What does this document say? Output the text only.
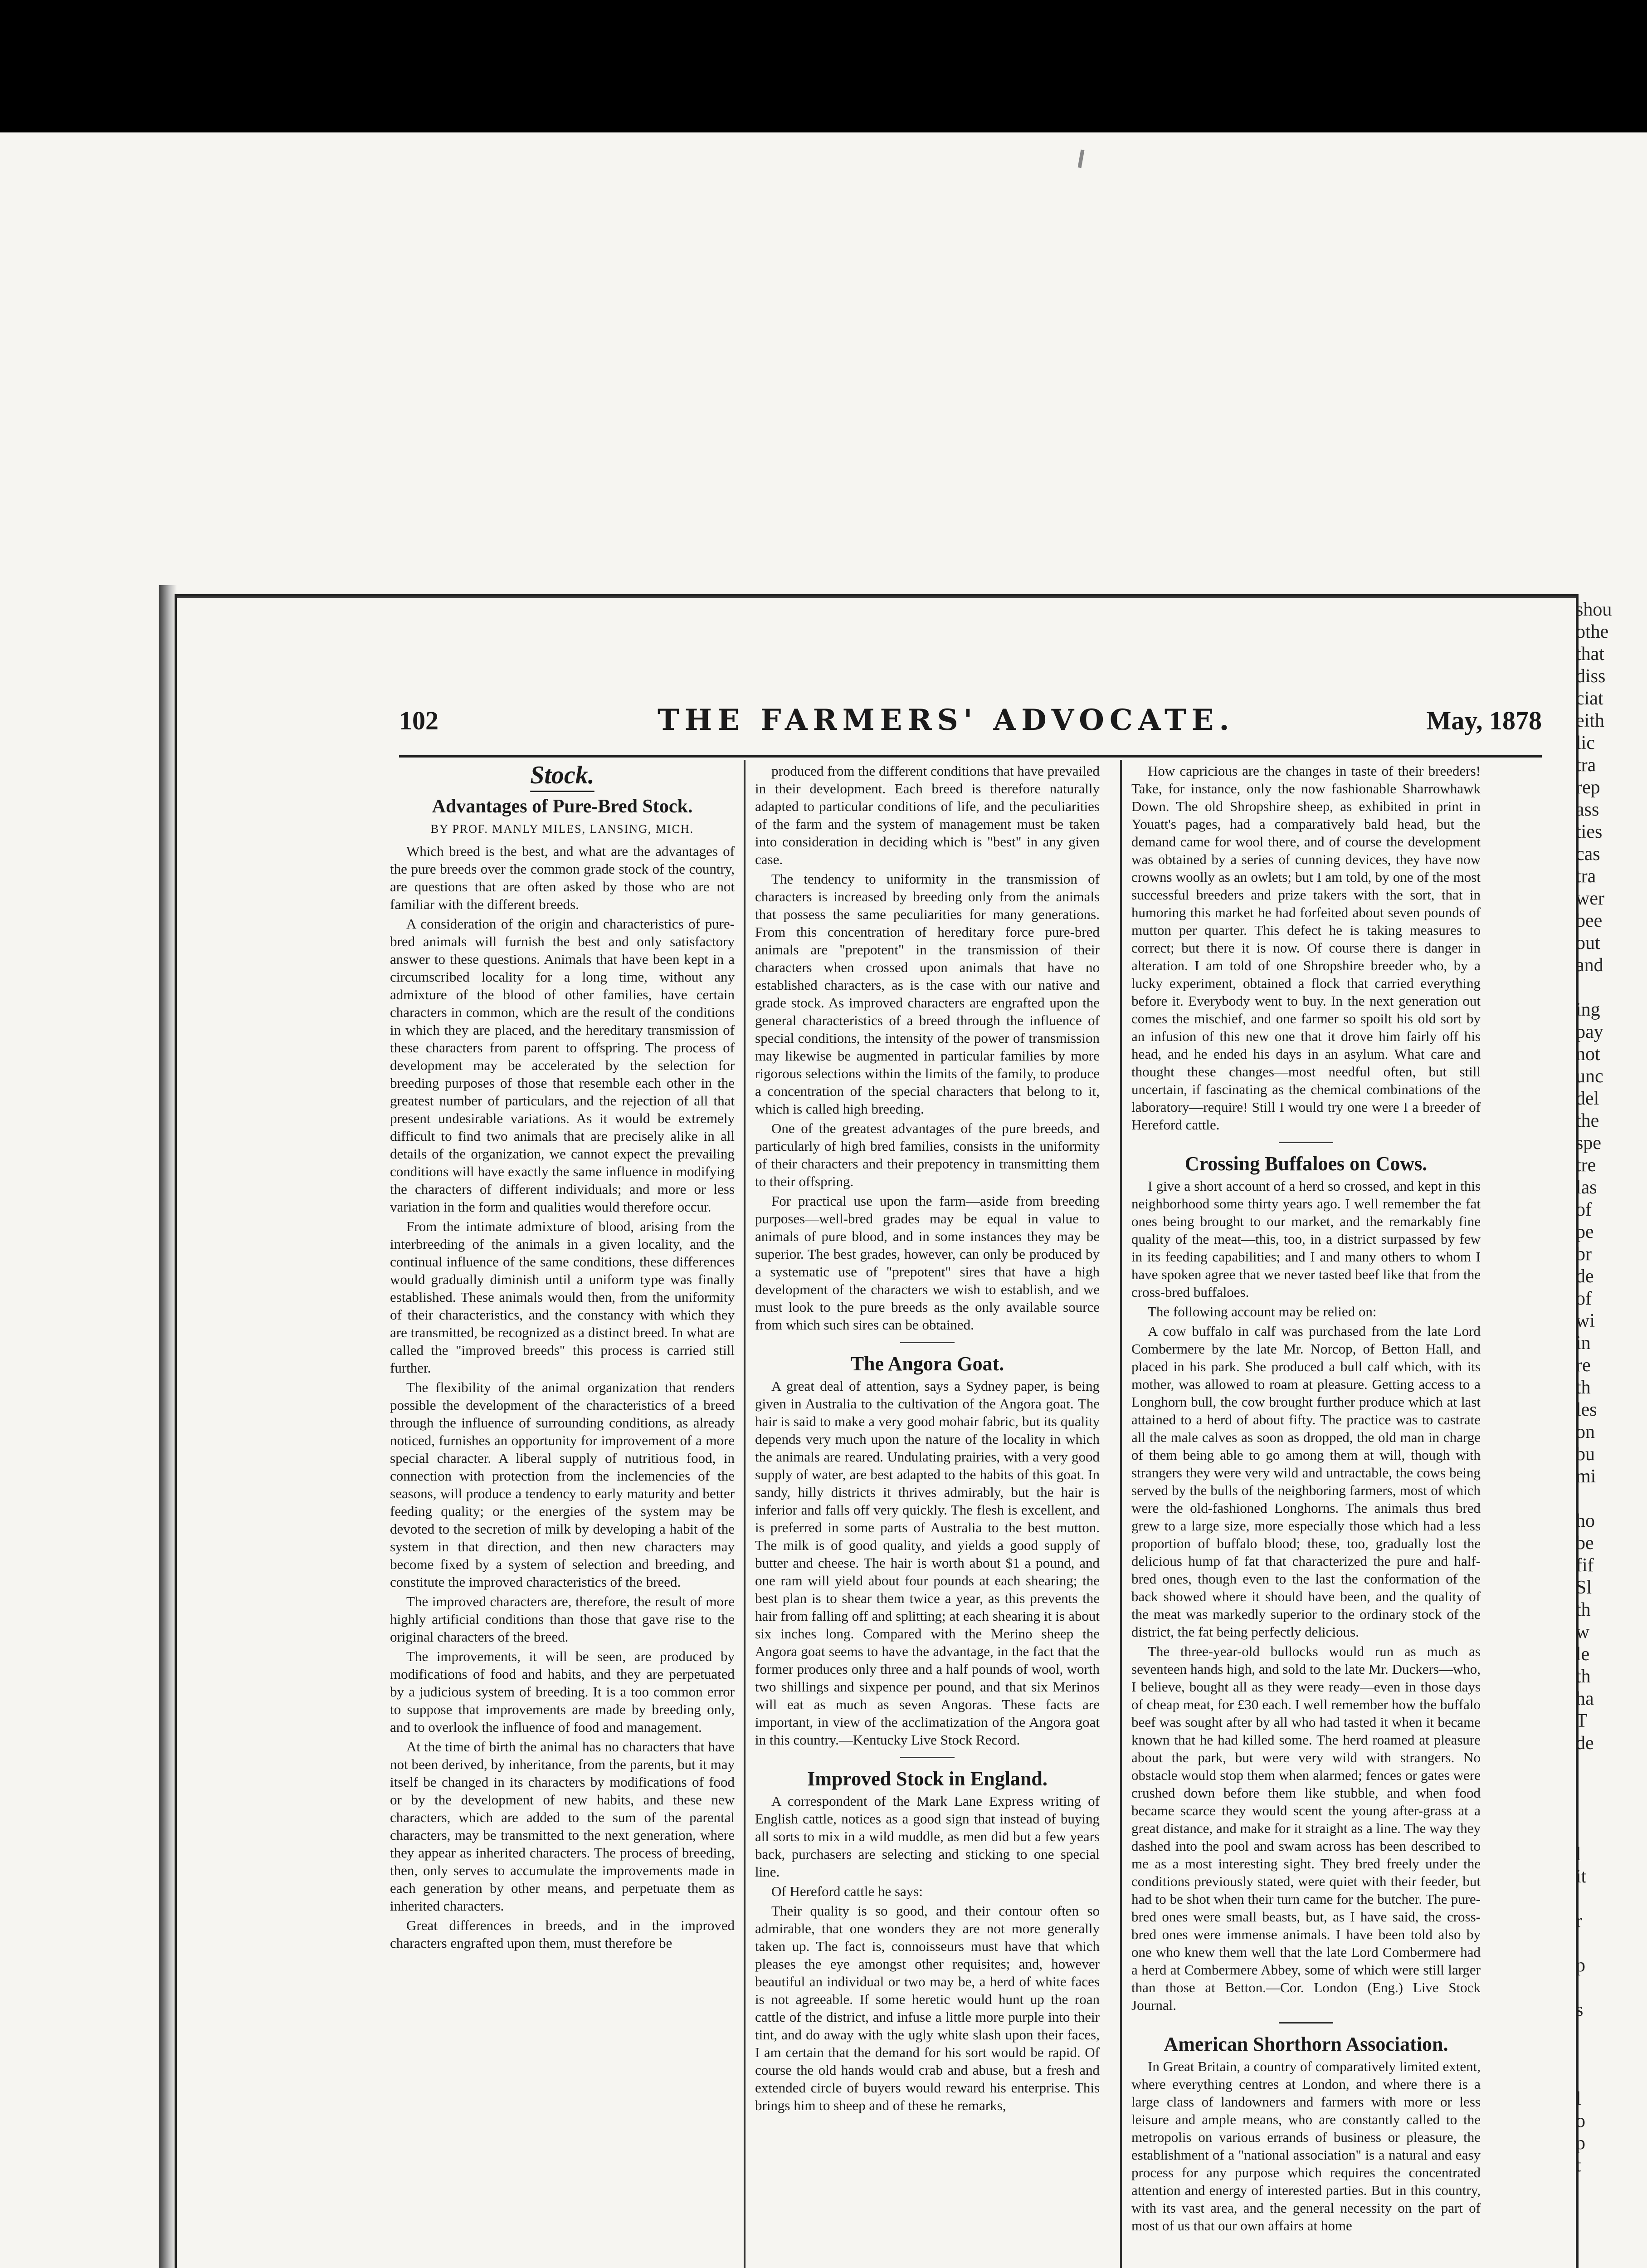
shou

othe

that

diss

ciat

eith

lic

tra

rep

ass

ties

cas

tra

wer

bee

out

and

ing

pay

not

unc

del

the

spe

tre

las

of

pe

br

de

of

wi

in

re

th

les

on

bu

mi

ho

be

fif

Sl

th

w

le

th

ha

T

de

l

it

r

p

s

l

o

p

t

102	THE FARMERS' ADVOCATE.	May, 1878
Stock.
Advantages of Pure-Bred Stock.

BY PROF. MANLY MILES, LANSING, MICH.

Which breed is the best, and what are the advantages of the pure breeds over the common grade stock of the country, are questions that are often asked by those who are not familiar with the different breeds.

A consideration of the origin and characteristics of pure-bred animals will furnish the best and only satisfactory answer to these questions. Animals that have been kept in a circumscribed locality for a long time, without any admixture of the blood of other families, have certain characters in common, which are the result of the conditions in which they are placed, and the hereditary transmission of these characters from parent to offspring. The process of development may be accelerated by the selection for breeding purposes of those that resemble each other in the greatest number of particulars, and the rejection of all that present undesirable variations. As it would be extremely difficult to find two animals that are precisely alike in all details of the organization, we cannot expect the prevailing conditions will have exactly the same influence in modifying the characters of different individuals; and more or less variation in the form and qualities would therefore occur.

From the intimate admixture of blood, arising from the interbreeding of the animals in a given locality, and the continual influence of the same conditions, these differences would gradually diminish until a uniform type was finally established. These animals would then, from the uniformity of their characteristics, and the constancy with which they are transmitted, be recognized as a distinct breed. In what are called the "improved breeds" this process is carried still further.

The flexibility of the animal organization that renders possible the development of the characteristics of a breed through the influence of surrounding conditions, as already noticed, furnishes an opportunity for improvement of a more special character. A liberal supply of nutritious food, in connection with protection from the inclemencies of the seasons, will produce a tendency to early maturity and better feeding quality; or the energies of the system may be devoted to the secretion of milk by developing a habit of the system in that direction, and then new characters may become fixed by a system of selection and breeding, and constitute the improved characteristics of the breed.

The improved characters are, therefore, the result of more highly artificial conditions than those that gave rise to the original characters of the breed.

The improvements, it will be seen, are produced by modifications of food and habits, and they are perpetuated by a judicious system of breeding. It is a too common error to suppose that improvements are made by breeding only, and to overlook the influence of food and management.

At the time of birth the animal has no characters that have not been derived, by inheritance, from the parents, but it may itself be changed in its characters by modifications of food or by the development of new habits, and these new characters, which are added to the sum of the parental characters, may be transmitted to the next generation, where they appear as inherited characters. The process of breeding, then, only serves to accumulate the improvements made in each generation by other means, and perpetuate them as inherited characters.

Great differences in breeds, and in the improved characters engrafted upon them, must therefore be

produced from the different conditions that have prevailed in their development. Each breed is therefore naturally adapted to particular conditions of life, and the peculiarities of the farm and the system of management must be taken into consideration in deciding which is "best" in any given case.

The tendency to uniformity in the transmission of characters is increased by breeding only from the animals that possess the same peculiarities for many generations. From this concentration of hereditary force pure-bred animals are "prepotent" in the transmission of their characters when crossed upon animals that have no established characters, as is the case with our native and grade stock. As improved characters are engrafted upon the general characteristics of a breed through the influence of special conditions, the intensity of the power of transmission may likewise be augmented in particular families by more rigorous selections within the limits of the family, to produce a concentration of the special characters that belong to it, which is called high breeding.

One of the greatest advantages of the pure breeds, and particularly of high bred families, consists in the uniformity of their characters and their prepotency in transmitting them to their offspring.

For practical use upon the farm—aside from breeding purposes—well-bred grades may be equal in value to animals of pure blood, and in some instances they may be superior. The best grades, however, can only be produced by a systematic use of "prepotent" sires that have a high development of the characters we wish to establish, and we must look to the pure breeds as the only available source from which such sires can be obtained.

The Angora Goat.

A great deal of attention, says a Sydney paper, is being given in Australia to the cultivation of the Angora goat. The hair is said to make a very good mohair fabric, but its quality depends very much upon the nature of the locality in which the animals are reared. Undulating prairies, with a very good supply of water, are best adapted to the habits of this goat. In sandy, hilly districts it thrives admirably, but the hair is inferior and falls off very quickly. The flesh is excellent, and is preferred in some parts of Australia to the best mutton. The milk is of good quality, and yields a good supply of butter and cheese. The hair is worth about $1 a pound, and one ram will yield about four pounds at each shearing; the best plan is to shear them twice a year, as this prevents the hair from falling off and splitting; at each shearing it is about six inches long. Compared with the Merino sheep the Angora goat seems to have the advantage, in the fact that the former produces only three and a half pounds of wool, worth two shillings and sixpence per pound, and that six Merinos will eat as much as seven Angoras. These facts are important, in view of the acclimatization of the Angora goat in this country.—Kentucky Live Stock Record.

Improved Stock in England.

A correspondent of the Mark Lane Express writing of English cattle, notices as a good sign that instead of buying all sorts to mix in a wild muddle, as men did but a few years back, purchasers are selecting and sticking to one special line.

Of Hereford cattle he says:

Their quality is so good, and their contour often so admirable, that one wonders they are not more generally taken up. The fact is, connoisseurs must have that which pleases the eye amongst other requisites; and, however beautiful an individual or two may be, a herd of white faces is not agreeable. If some heretic would hunt up the roan cattle of the district, and infuse a little more purple into their tint, and do away with the ugly white slash upon their faces, I am certain that the demand for his sort would be rapid. Of course the old hands would crab and abuse, but a fresh and extended circle of buyers would reward his enterprise. This brings him to sheep and of these he remarks,

How capricious are the changes in taste of their breeders! Take, for instance, only the now fashionable Sharrowhawk Down. The old Shropshire sheep, as exhibited in print in Youatt's pages, had a comparatively bald head, but the demand came for wool there, and of course the development was obtained by a series of cunning devices, they have now crowns woolly as an owlets; but I am told, by one of the most successful breeders and prize takers with the sort, that in humoring this market he had forfeited about seven pounds of mutton per quarter. This defect he is taking measures to correct; but there it is now. Of course there is danger in alteration. I am told of one Shropshire breeder who, by a lucky experiment, obtained a flock that carried everything before it. Everybody went to buy. In the next generation out comes the mischief, and one farmer so spoilt his old sort by an infusion of this new one that it drove him fairly off his head, and he ended his days in an asylum. What care and thought these changes—most needful often, but still uncertain, if fascinating as the chemical combinations of the laboratory—require! Still I would try one were I a breeder of Hereford cattle.

Crossing Buffaloes on Cows.

I give a short account of a herd so crossed, and kept in this neighborhood some thirty years ago. I well remember the fat ones being brought to our market, and the remarkably fine quality of the meat—this, too, in a district surpassed by few in its feeding capabilities; and I and many others to whom I have spoken agree that we never tasted beef like that from the cross-bred buffaloes.

The following account may be relied on:

A cow buffalo in calf was purchased from the late Lord Combermere by the late Mr. Norcop, of Betton Hall, and placed in his park. She produced a bull calf which, with its mother, was allowed to roam at pleasure. Getting access to a Longhorn bull, the cow brought further produce which at last attained to a herd of about fifty. The practice was to castrate all the male calves as soon as dropped, the old man in charge of them being able to go among them at will, though with strangers they were very wild and untractable, the cows being served by the bulls of the neighboring farmers, most of which were the old-fashioned Longhorns. The animals thus bred grew to a large size, more especially those which had a less proportion of buffalo blood; these, too, gradually lost the delicious hump of fat that characterized the pure and half-bred ones, though even to the last the conformation of the back showed where it should have been, and the quality of the meat was markedly superior to the ordinary stock of the district, the fat being perfectly delicious.

The three-year-old bullocks would run as much as seventeen hands high, and sold to the late Mr. Duckers—who, I believe, bought all as they were ready—even in those days of cheap meat, for £30 each. I well remember how the buffalo beef was sought after by all who had tasted it when it became known that he had killed some. The herd roamed at pleasure about the park, but were very wild with strangers. No obstacle would stop them when alarmed; fences or gates were crushed down before them like stubble, and when food became scarce they would scent the young after-grass at a great distance, and make for it straight as a line. The way they dashed into the pool and swam across has been described to me as a most interesting sight. They bred freely under the conditions previously stated, were quiet with their feeder, but had to be shot when their turn came for the butcher. The pure-bred ones were small beasts, but, as I have said, the cross-bred ones were immense animals. I have been told also by one who knew them well that the late Lord Combermere had a herd at Combermere Abbey, some of which were still larger than those at Betton.—Cor. London (Eng.) Live Stock Journal.

American Shorthorn Association.

In Great Britain, a country of comparatively limited extent, where everything centres at London, and where there is a large class of landowners and farmers with more or less leisure and ample means, who are constantly called to the metropolis on various errands of business or pleasure, the establishment of a "national association" is a natural and easy process for any purpose which requires the concentrated attention and energy of interested parties. But in this country, with its vast area, and the general necessity on the part of most of us that our own affairs at home
